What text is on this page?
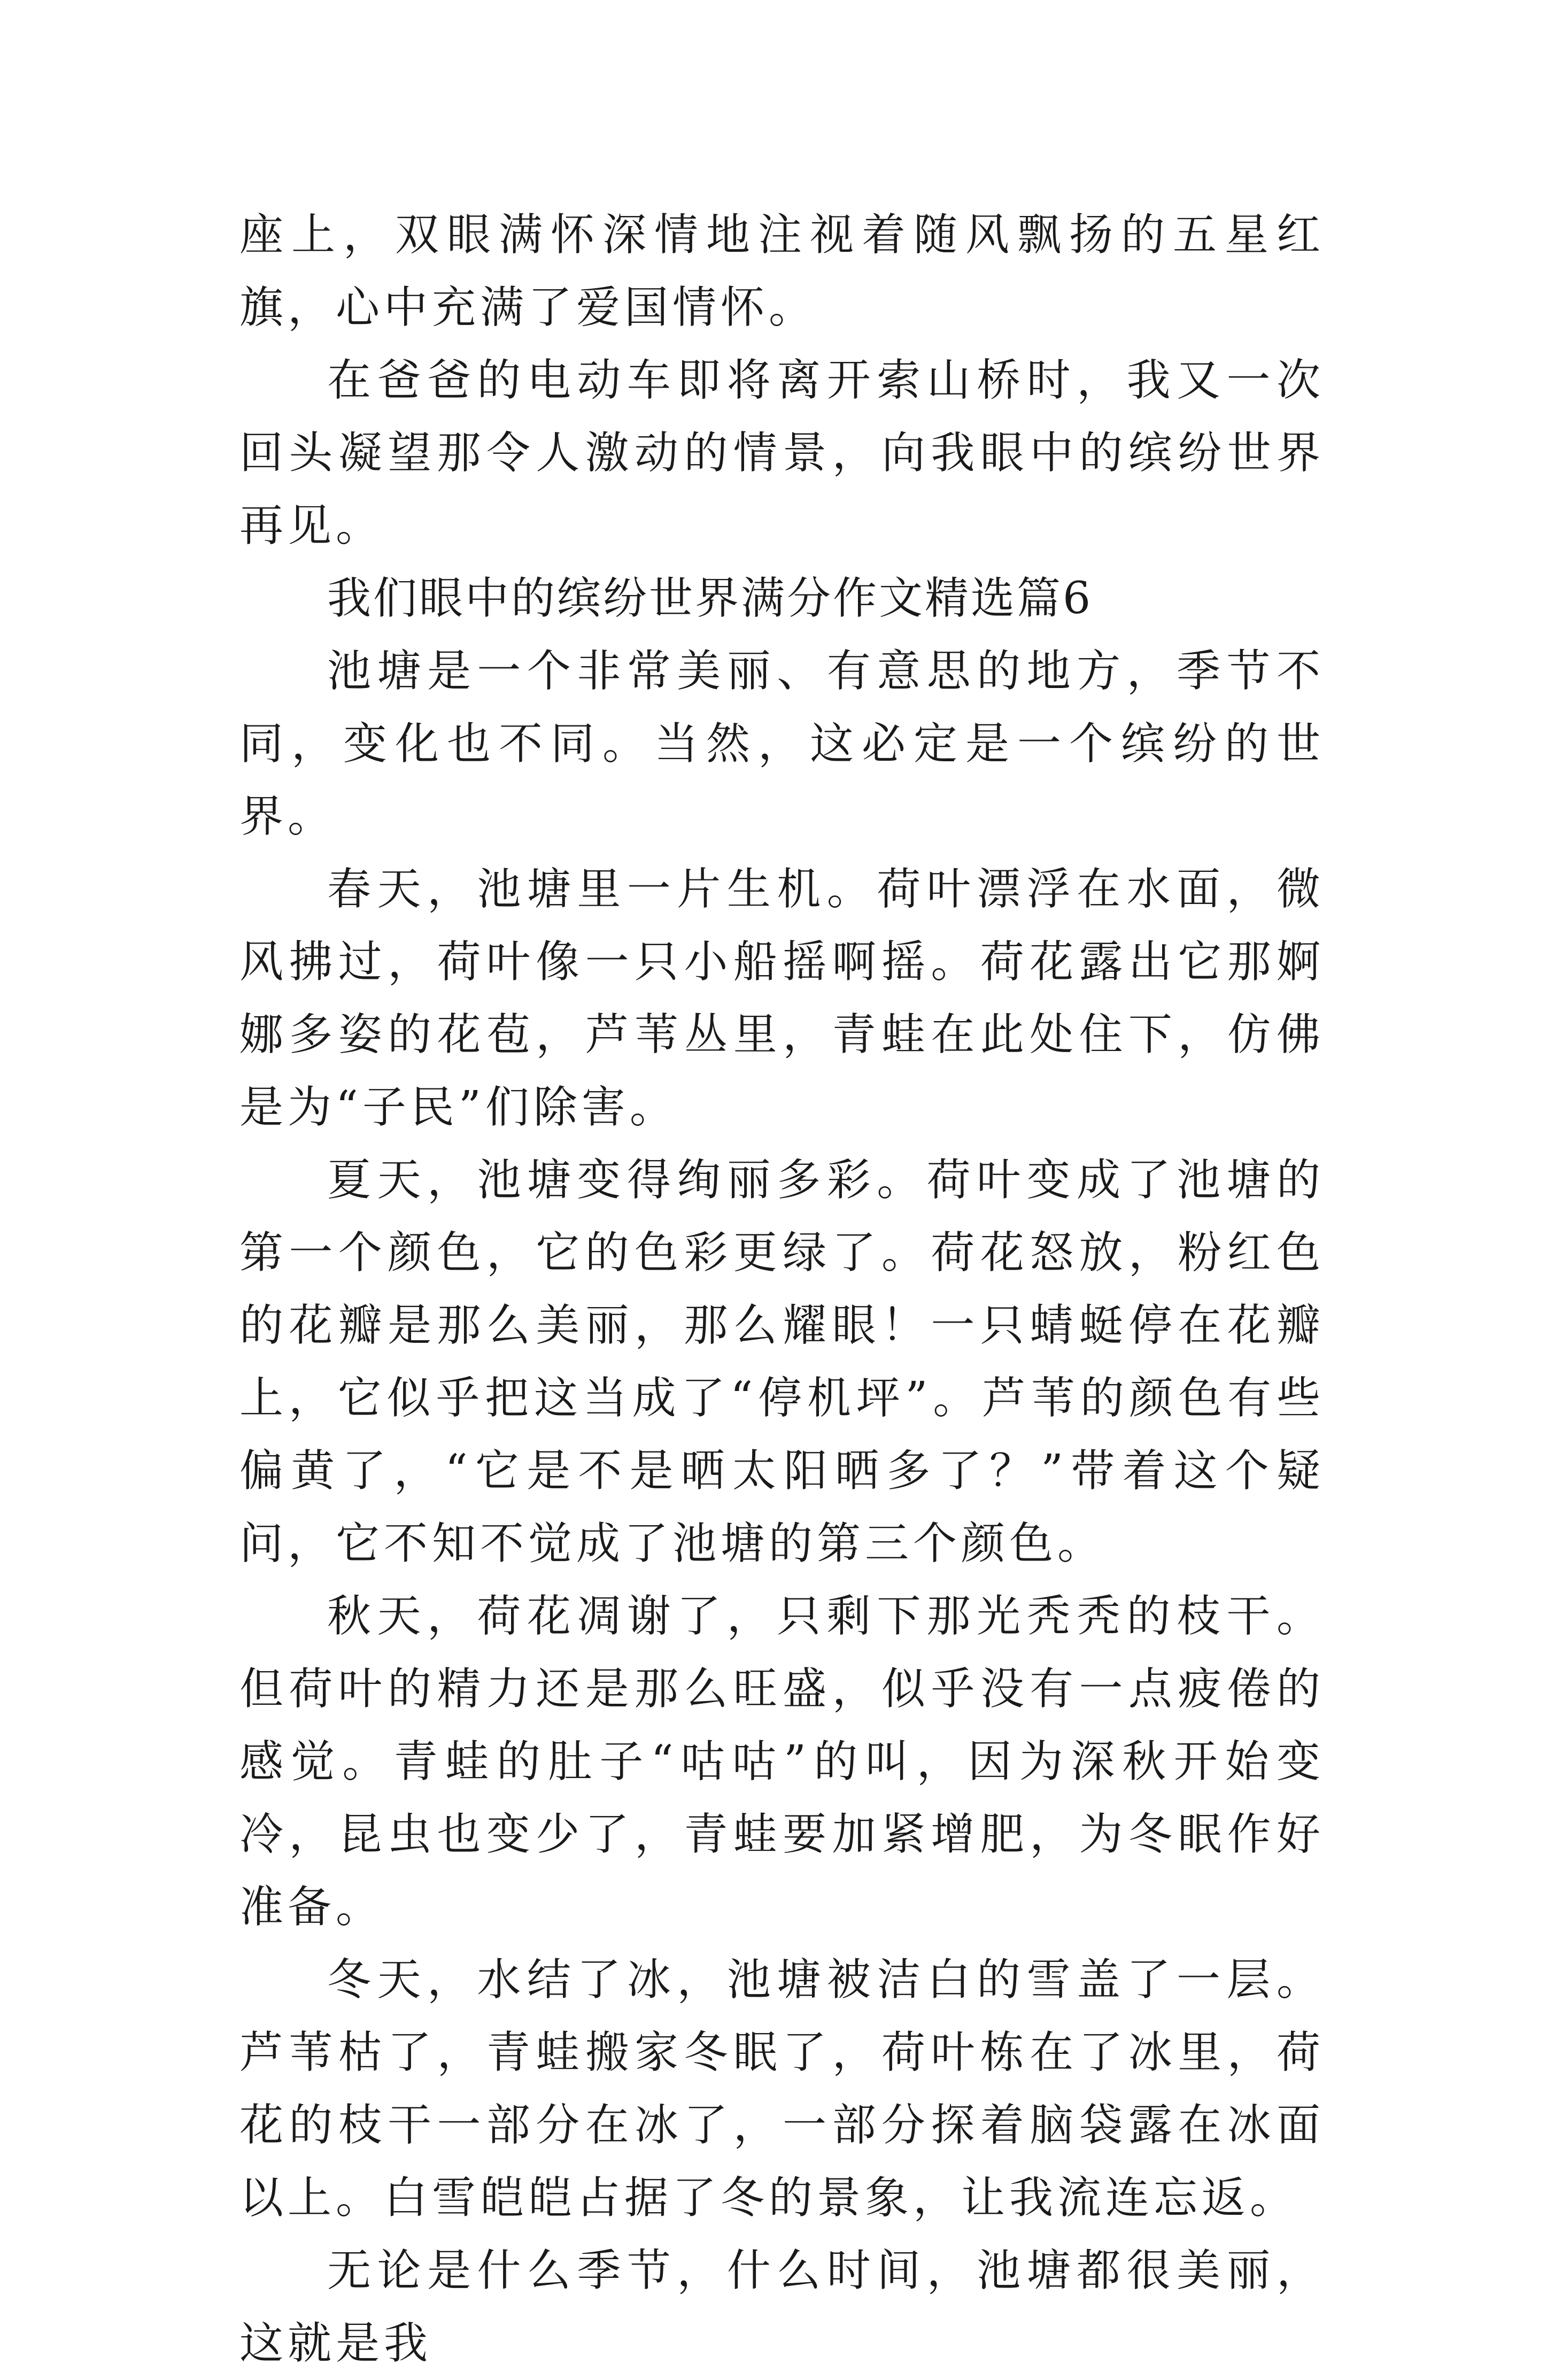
座上，双眼满怀深情地注视着随风飘扬的五星红旗，心中充满了爱国情怀。

在爸爸的电动车即将离开索山桥时，我又一次回头凝望那令人激动的情景，向我眼中的缤纷世界再见。

我们眼中的缤纷世界满分作文精选篇6

池塘是一个非常美丽、有意思的地方，季节不同，变化也不同。当然，这必定是一个缤纷的世界。

春天，池塘里一片生机。荷叶漂浮在水面，微风拂过，荷叶像一只小船摇啊摇。荷花露出它那婀娜多姿的花苞，芦苇丛里，青蛙在此处住下，仿佛是为“子民”们除害。

夏天，池塘变得绚丽多彩。荷叶变成了池塘的第一个颜色，它的色彩更绿了。荷花怒放，粉红色的花瓣是那么美丽，那么耀眼！一只蜻蜓停在花瓣上，它似乎把这当成了“停机坪”。芦苇的颜色有些偏黄了，“它是不是晒太阳晒多了？”带着这个疑问，它不知不觉成了池塘的第三个颜色。

秋天，荷花凋谢了，只剩下那光秃秃的枝干。但荷叶的精力还是那么旺盛，似乎没有一点疲倦的感觉。青蛙的肚子“咕咕”的叫，因为深秋开始变冷，昆虫也变少了，青蛙要加紧增肥，为冬眠作好准备。

冬天，水结了冰，池塘被洁白的雪盖了一层。芦苇枯了，青蛙搬家冬眠了，荷叶栋在了冰里，荷花的枝干一部分在冰了，一部分探着脑袋露在冰面以上。白雪皑皑占据了冬的景象，让我流连忘返。

无论是什么季节，什么时间，池塘都很美丽，这就是我
